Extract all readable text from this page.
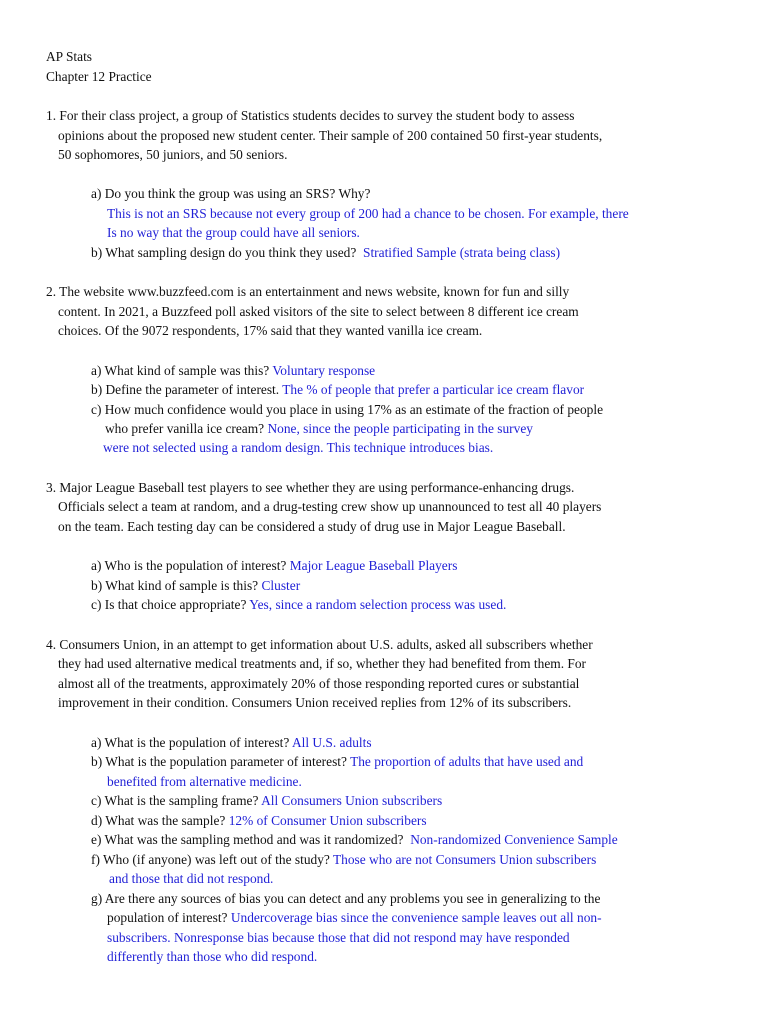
AP Stats
Chapter 12 Practice
1. For their class project, a group of Statistics students decides to survey the student body to assess
opinions about the proposed new student center. Their sample of 200 contained 50 first-year students,
50 sophomores, 50 juniors, and 50 seniors.
a) Do you think the group was using an SRS? Why?
This is not an SRS because not every group of 200 had a chance to be chosen. For example, there
Is no way that the group could have all seniors.
b) What sampling design do you think they used? Stratified Sample (strata being class)
2. The website www.buzzfeed.com is an entertainment and news website, known for fun and silly
content. In 2021, a Buzzfeed poll asked visitors of the site to select between 8 different ice cream
choices. Of the 9072 respondents, 17% said that they wanted vanilla ice cream.
a) What kind of sample was this? Voluntary response
b) Define the parameter of interest. The % of people that prefer a particular ice cream flavor
c) How much confidence would you place in using 17% as an estimate of the fraction of people
who prefer vanilla ice cream? None, since the people participating in the survey
were not selected using a random design. This technique introduces bias.
3. Major League Baseball test players to see whether they are using performance-enhancing drugs.
Officials select a team at random, and a drug-testing crew show up unannounced to test all 40 players
on the team. Each testing day can be considered a study of drug use in Major League Baseball.
a) Who is the population of interest? Major League Baseball Players
b) What kind of sample is this? Cluster
c) Is that choice appropriate? Yes, since a random selection process was used.
4. Consumers Union, in an attempt to get information about U.S. adults, asked all subscribers whether
they had used alternative medical treatments and, if so, whether they had benefited from them. For
almost all of the treatments, approximately 20% of those responding reported cures or substantial
improvement in their condition. Consumers Union received replies from 12% of its subscribers.
a) What is the population of interest? All U.S. adults
b) What is the population parameter of interest? The proportion of adults that have used and
benefited from alternative medicine.
c) What is the sampling frame? All Consumers Union subscribers
d) What was the sample? 12% of Consumer Union subscribers
e) What was the sampling method and was it randomized? Non-randomized Convenience Sample
f) Who (if anyone) was left out of the study? Those who are not Consumers Union subscribers
and those that did not respond.
g) Are there any sources of bias you can detect and any problems you see in generalizing to the
population of interest? Undercoverage bias since the convenience sample leaves out all non-
subscribers. Nonresponse bias because those that did not respond may have responded
differently than those who did respond.
